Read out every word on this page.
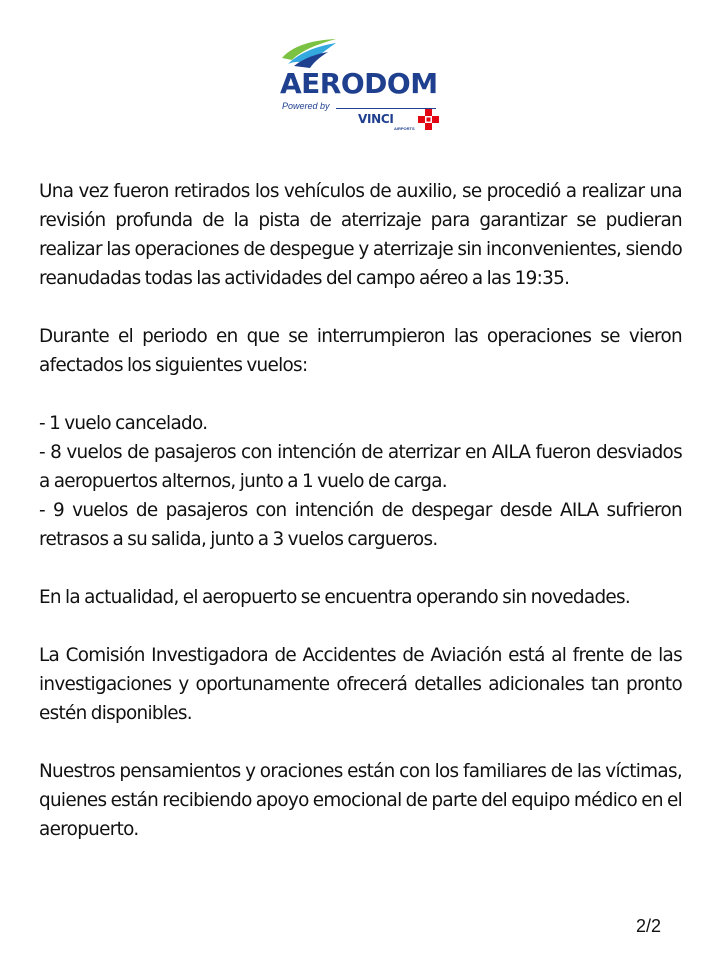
AERODOM
Powered by
VINCI
AIRPORTS

Una vez fueron retirados los vehículos de auxilio, se procedió a realizar una revisión profunda de la pista de aterrizaje para garantizar se pudieran realizar las operaciones de despegue y aterrizaje sin inconvenientes, siendo reanudadas todas las actividades del campo aéreo a las 19:35.

Durante el periodo en que se interrumpieron las operaciones se vieron afectados los siguientes vuelos:

- 1 vuelo cancelado.
- 8 vuelos de pasajeros con intención de aterrizar en AILA fueron desviados a aeropuertos alternos, junto a 1 vuelo de carga.
- 9 vuelos de pasajeros con intención de despegar desde AILA sufrieron retrasos a su salida, junto a 3 vuelos cargueros.

En la actualidad, el aeropuerto se encuentra operando sin novedades.

La Comisión Investigadora de Accidentes de Aviación está al frente de las investigaciones y oportunamente ofrecerá detalles adicionales tan pronto estén disponibles.

Nuestros pensamientos y oraciones están con los familiares de las víctimas, quienes están recibiendo apoyo emocional de parte del equipo médico en el aeropuerto.

2/2
